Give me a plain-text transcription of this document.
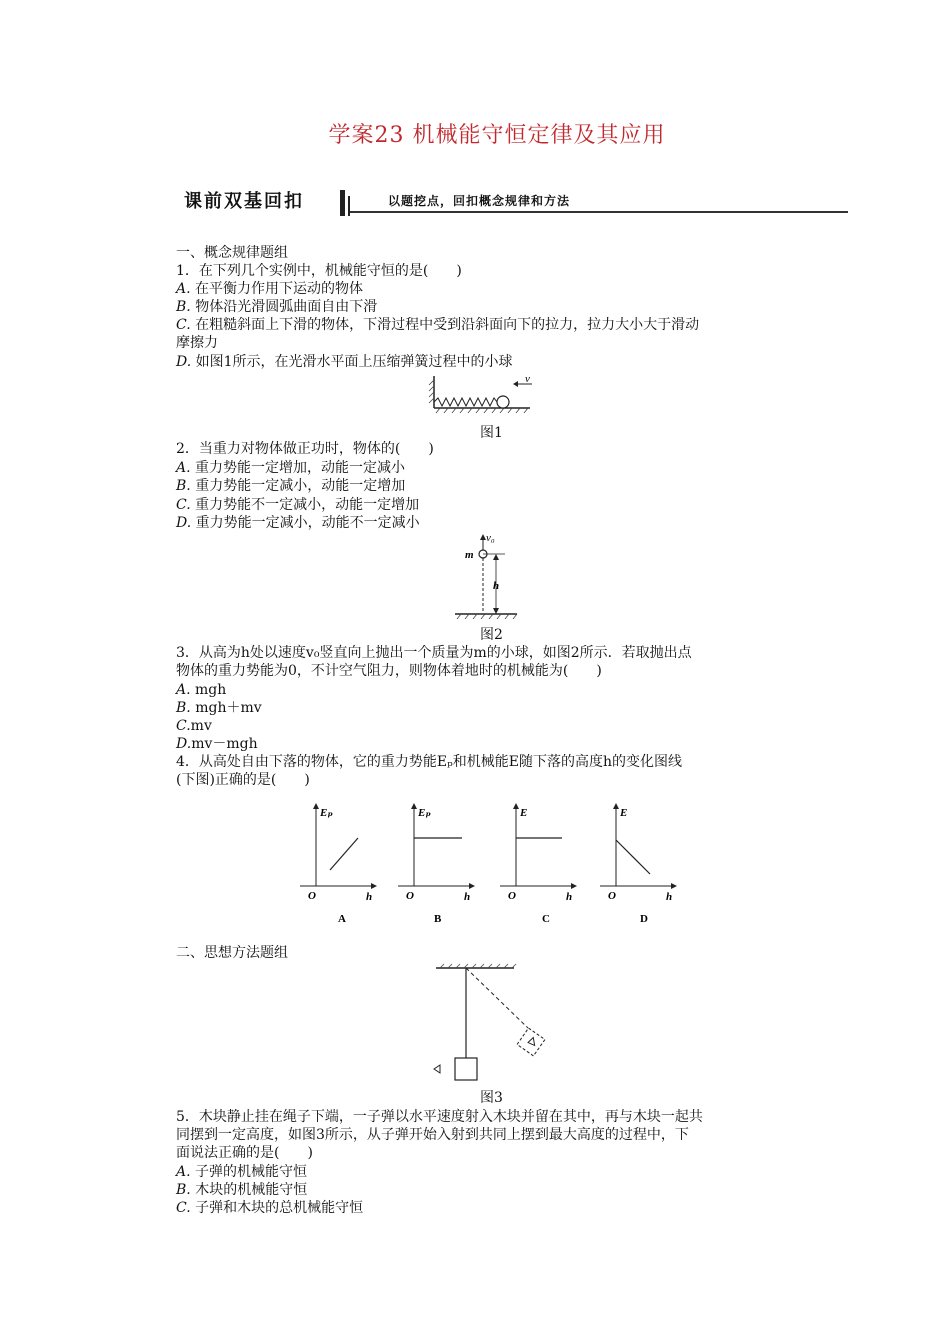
学案23 机械能守恒定律及其应用
课前双基回扣	以题挖点，回扣概念规律和方法
一、概念规律题组
1．在下列几个实例中，机械能守恒的是(　　)
A. 在平衡力作用下运动的物体
B. 物体沿光滑圆弧曲面自由下滑
C. 在粗糙斜面上下滑的物体，下滑过程中受到沿斜面向下的拉力，拉力大小大于滑动
摩擦力
D. 如图1所示，在光滑水平面上压缩弹簧过程中的小球
v
图1
2．当重力对物体做正功时，物体的(　　)
A. 重力势能一定增加，动能一定减小
B. 重力势能一定减小，动能一定增加
C. 重力势能不一定减小，动能一定增加
D. 重力势能一定减小，动能不一定减小
v₀
m
h
图2
3．从高为h处以速度v₀竖直向上抛出一个质量为m的小球，如图2所示．若取抛出点
物体的重力势能为0，不计空气阻力，则物体着地时的机械能为(　　)
A. mgh
B. mgh＋mv
C.mv
D.mv－mgh
4．从高处自由下落的物体，它的重力势能Eₚ和机械能E随下落的高度h的变化图线
(下图)正确的是(　　)
Eₚ
h
O
A
Eₚ
h
O
B
E
h
O
C
E
h
O
D
二、思想方法题组
图3
5．木块静止挂在绳子下端，一子弹以水平速度射入木块并留在其中，再与木块一起共
同摆到一定高度，如图3所示，从子弹开始入射到共同上摆到最大高度的过程中，下
面说法正确的是(　　)
A. 子弹的机械能守恒
B. 木块的机械能守恒
C. 子弹和木块的总机械能守恒
